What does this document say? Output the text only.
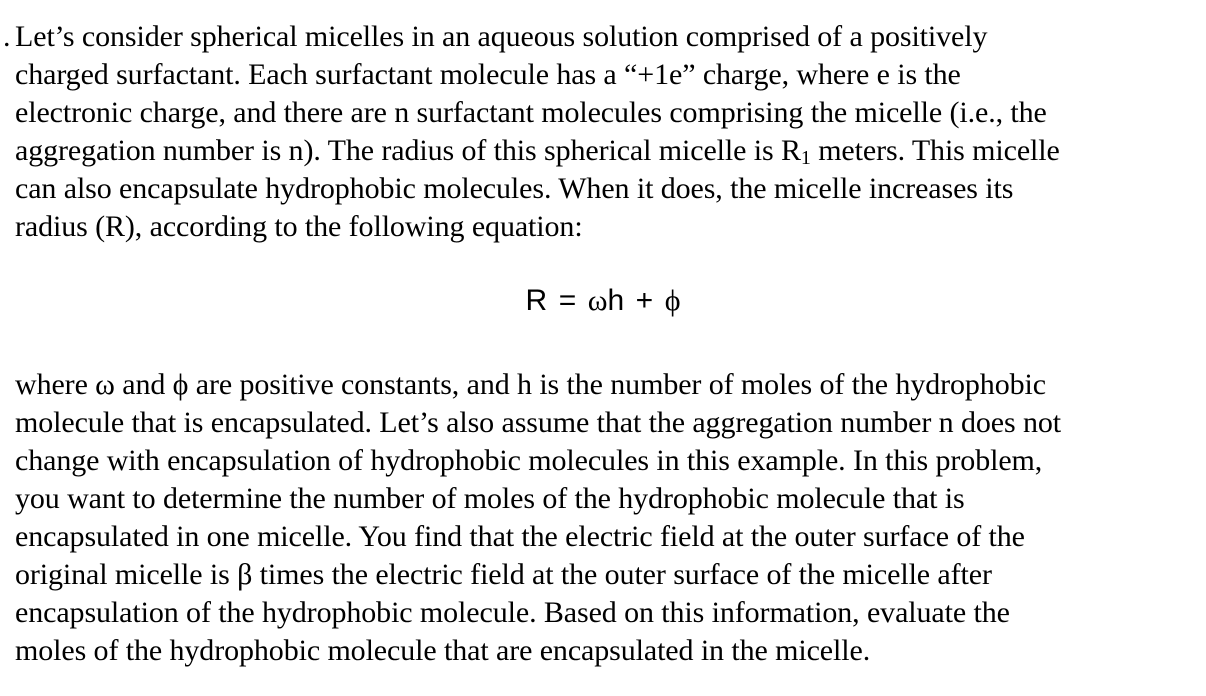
. Let’s consider spherical micelles in an aqueous solution comprised of a positively
charged surfactant. Each surfactant molecule has a “+1e” charge, where e is the
electronic charge, and there are n surfactant molecules comprising the micelle (i.e., the
aggregation number is n). The radius of this spherical micelle is R1 meters. This micelle
can also encapsulate hydrophobic molecules. When it does, the micelle increases its
radius (R), according to the following equation:

R = ωh + ϕ

where ω and ϕ are positive constants, and h is the number of moles of the hydrophobic
molecule that is encapsulated. Let’s also assume that the aggregation number n does not
change with encapsulation of hydrophobic molecules in this example. In this problem,
you want to determine the number of moles of the hydrophobic molecule that is
encapsulated in one micelle. You find that the electric field at the outer surface of the
original micelle is β times the electric field at the outer surface of the micelle after
encapsulation of the hydrophobic molecule. Based on this information, evaluate the
moles of the hydrophobic molecule that are encapsulated in the micelle.
